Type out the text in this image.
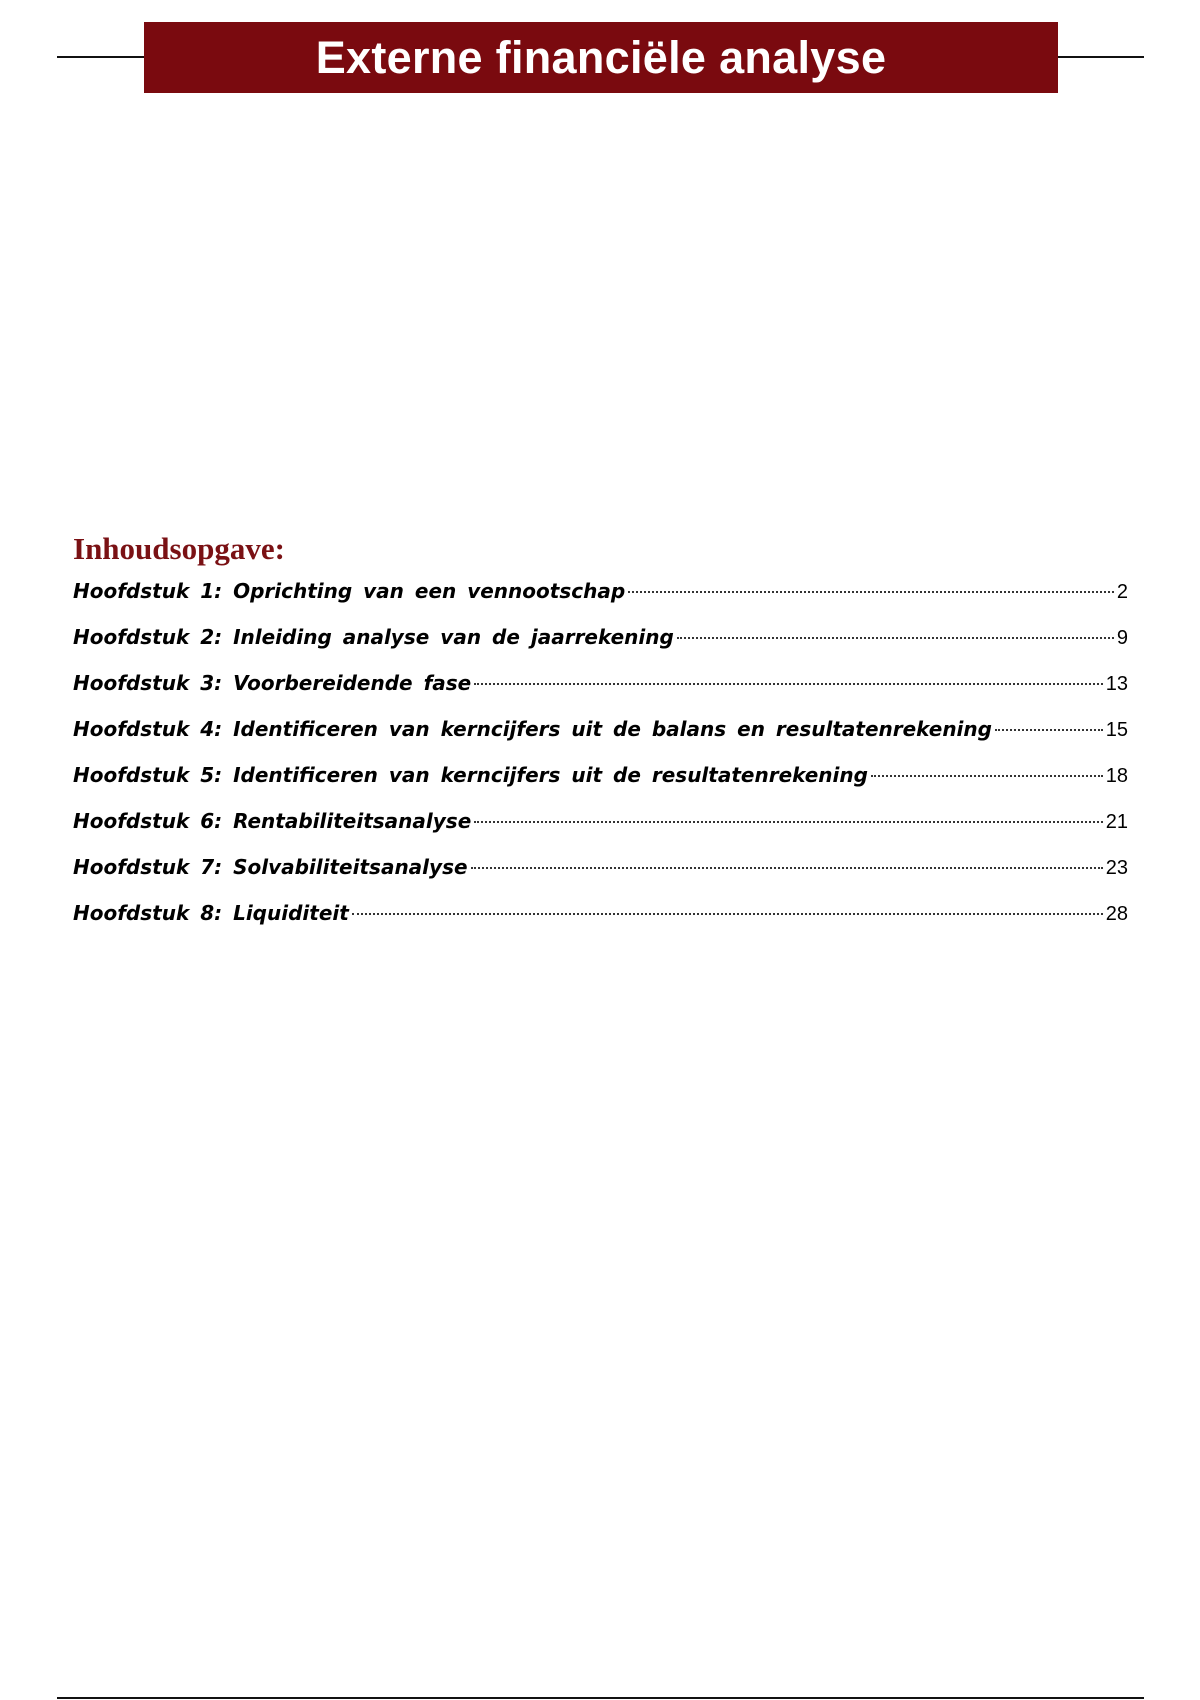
Externe financiële analyse
Inhoudsopgave:
Hoofdstuk 1: Oprichting van een vennootschap	2
Hoofdstuk 2: Inleiding analyse van de jaarrekening	9
Hoofdstuk 3: Voorbereidende fase	13
Hoofdstuk 4: Identificeren van kerncijfers uit de balans en resultatenrekening	15
Hoofdstuk 5: Identificeren van kerncijfers uit de resultatenrekening	18
Hoofdstuk 6: Rentabiliteitsanalyse	21
Hoofdstuk 7: Solvabiliteitsanalyse	23
Hoofdstuk 8: Liquiditeit	28
